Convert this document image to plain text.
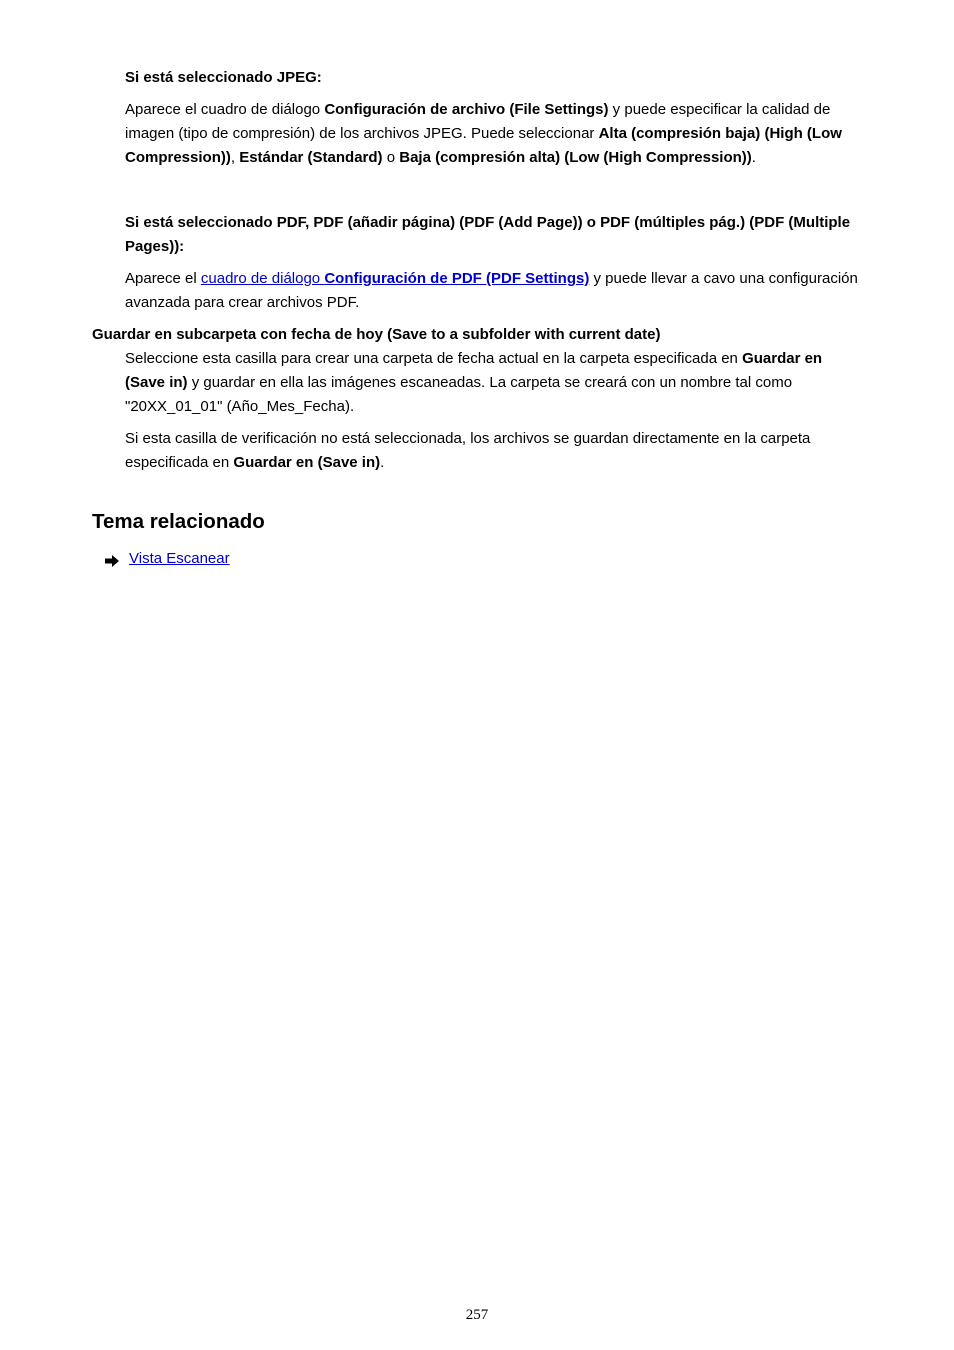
Si está seleccionado JPEG:

Aparece el cuadro de diálogo Configuración de archivo (File Settings) y puede especificar la calidad de imagen (tipo de compresión) de los archivos JPEG. Puede seleccionar Alta (compresión baja) (High (Low Compression)), Estándar (Standard) o Baja (compresión alta) (Low (High Compression)).

Si está seleccionado PDF, PDF (añadir página) (PDF (Add Page)) o PDF (múltiples pág.) (PDF (Multiple Pages)):

Aparece el cuadro de diálogo Configuración de PDF (PDF Settings) y puede llevar a cavo una configuración avanzada para crear archivos PDF.

Guardar en subcarpeta con fecha de hoy (Save to a subfolder with current date)

Seleccione esta casilla para crear una carpeta de fecha actual en la carpeta especificada en Guardar en (Save in) y guardar en ella las imágenes escaneadas. La carpeta se creará con un nombre tal como "20XX_01_01" (Año_Mes_Fecha).

Si esta casilla de verificación no está seleccionada, los archivos se guardan directamente en la carpeta especificada en Guardar en (Save in).

Tema relacionado
Vista Escanear
257
